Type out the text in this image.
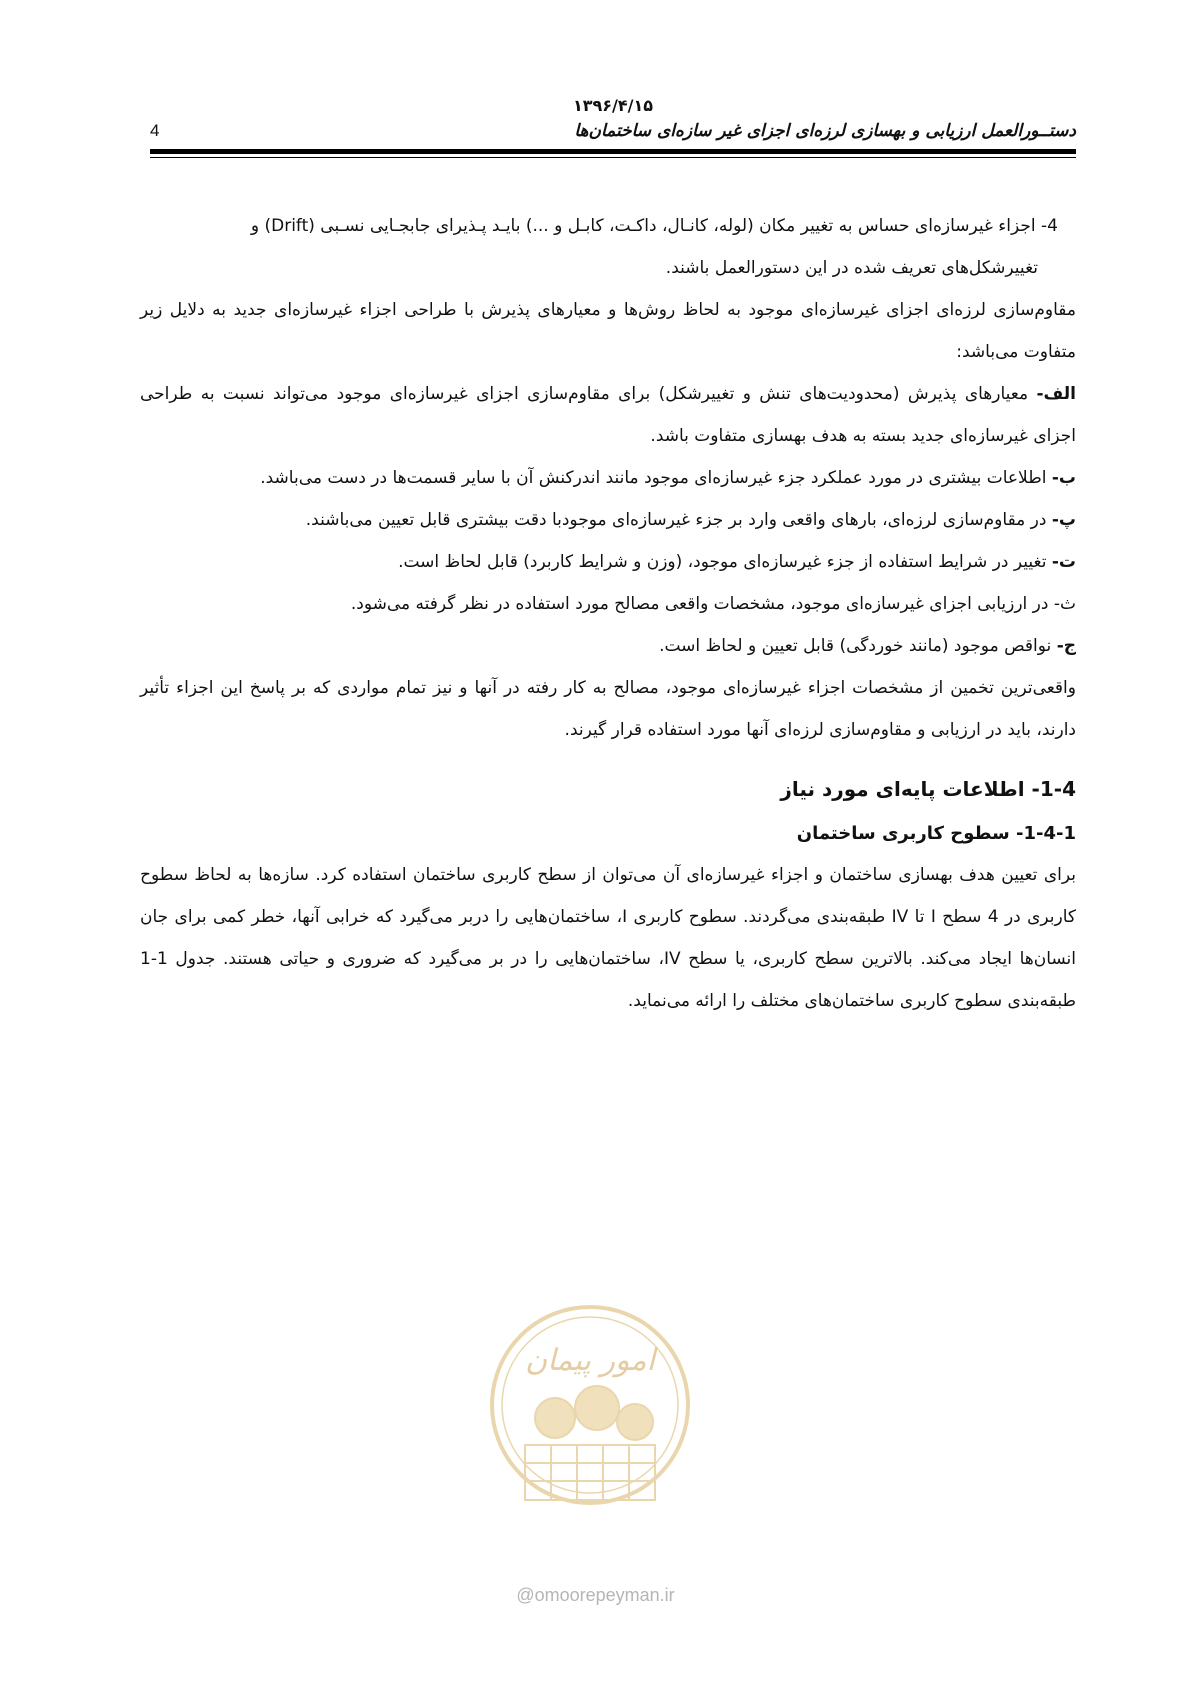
۱۳۹۶/۴/۱۵
دستــورالعمل ارزیابی و بهسازی لرزه‌ای اجزای غیر سازه‌ای ساختمان‌ها
4

4- اجزاء غیرسازه‌ای حساس به تغییر مکان (لوله، کانـال، داکـت، کابـل و ...) بایـد پـذیرای جابجـایی نسـبی (Drift) و

تغییرشکل‌های تعریف شده در این دستورالعمل باشند.

مقاوم‌سازی لرزه‌ای اجزای غیرسازه‌ای موجود به لحاظ روش‌ها و معیارهای پذیرش با طراحی اجزاء غیرسازه‌ای جدید به دلایل زیر متفاوت می‌باشد:

الف- معیارهای پذیرش (محدودیت‌های تنش و تغییرشکل) برای مقاوم‌سازی اجزای غیرسازه‌ای موجود می‌تواند نسبت به طراحی اجزای غیرسازه‌ای جدید بسته به هدف بهسازی متفاوت باشد.

ب- اطلاعات بیشتری در مورد عملکرد جزء غیرسازه‌ای موجود مانند اندرکنش آن با سایر قسمت‌ها در دست می‌باشد.

پ- در مقاوم‌سازی لرزه‌ای، بارهای واقعی وارد بر جزء غیرسازه‌ای موجودبا دقت بیشتری قابل تعیین می‌باشند.

ت- تغییر در شرایط استفاده از جزء غیرسازه‌ای موجود، (وزن و شرایط کاربرد) قابل لحاظ است.

ث- در ارزیابی اجزای غیرسازه‌ای موجود، مشخصات واقعی مصالح مورد استفاده در نظر گرفته می‌شود.

ج- نواقص موجود (مانند خوردگی) قابل تعیین و لحاظ است.

واقعی‌ترین تخمین از مشخصات اجزاء غیرسازه‌ای موجود، مصالح به کار رفته در آنها و نیز تمام مواردی که بر پاسخ این اجزاء تأثیر دارند، باید در ارزیابی و مقاوم‌سازی لرزه‌ای آنها مورد استفاده قرار گیرند.

1-4- اطلاعات پایه‌ای مورد نیاز
1-4-1- سطوح کاربری ساختمان

برای تعیین هدف بهسازی ساختمان و اجزاء غیرسازه‌ای آن می‌توان از سطح کاربری ساختمان استفاده کرد. سازه‌ها به لحاظ سطوح کاربری در 4 سطح I تا IV طبقه‌بندی می‌گردند. سطوح کاربری I، ساختمان‌هایی را دربر می‌گیرد که خرابی آنها، خطر کمی برای جان انسان‌ها ایجاد می‌کند. بالاترین سطح کاربری، یا سطح IV، ساختمان‌هایی را در بر می‌گیرد که ضروری و حیاتی هستند. جدول 1-1 طبقه‌بندی سطوح کاربری ساختمان‌های مختلف را ارائه می‌نماید.

امور پیمان
@omoorepeyman.ir
